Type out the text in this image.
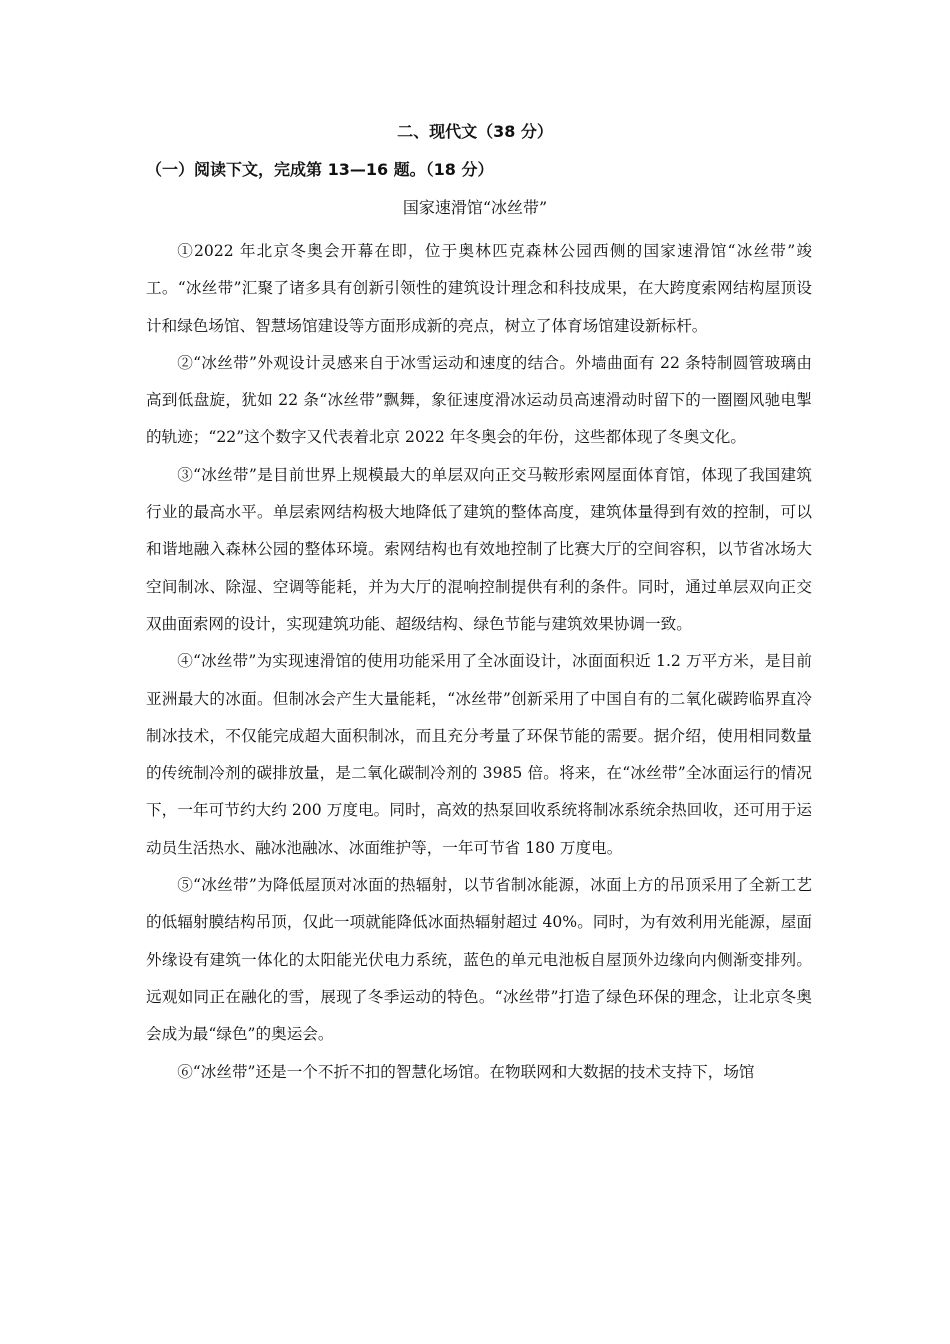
二、现代文（38 分）
（一）阅读下文，完成第 13—16 题。（18 分）
国家速滑馆“冰丝带”

①2022 年北京冬奥会开幕在即，位于奥林匹克森林公园西侧的国家速滑馆“冰丝带”竣工。“冰丝带”汇聚了诸多具有创新引领性的建筑设计理念和科技成果，在大跨度索网结构屋顶设计和绿色场馆、智慧场馆建设等方面形成新的亮点，树立了体育场馆建设新标杆。

②“冰丝带”外观设计灵感来自于冰雪运动和速度的结合。外墙曲面有 22 条特制圆管玻璃由高到低盘旋，犹如 22 条“冰丝带”飘舞，象征速度滑冰运动员高速滑动时留下的一圈圈风驰电掣的轨迹；“22”这个数字又代表着北京 2022 年冬奥会的年份，这些都体现了冬奥文化。

③“冰丝带”是目前世界上规模最大的单层双向正交马鞍形索网屋面体育馆，体现了我国建筑行业的最高水平。单层索网结构极大地降低了建筑的整体高度，建筑体量得到有效的控制，可以和谐地融入森林公园的整体环境。索网结构也有效地控制了比赛大厅的空间容积，以节省冰场大空间制冰、除湿、空调等能耗，并为大厅的混响控制提供有利的条件。同时，通过单层双向正交双曲面索网的设计，实现建筑功能、超级结构、绿色节能与建筑效果协调一致。

④“冰丝带”为实现速滑馆的使用功能采用了全冰面设计，冰面面积近 1.2 万平方米，是目前亚洲最大的冰面。但制冰会产生大量能耗，“冰丝带”创新采用了中国自有的二氧化碳跨临界直冷制冰技术，不仅能完成超大面积制冰，而且充分考量了环保节能的需要。据介绍，使用相同数量的传统制冷剂的碳排放量，是二氧化碳制冷剂的 3985 倍。将来，在“冰丝带”全冰面运行的情况下，一年可节约大约 200 万度电。同时，高效的热泵回收系统将制冰系统余热回收，还可用于运动员生活热水、融冰池融冰、冰面维护等，一年可节省 180 万度电。

⑤“冰丝带”为降低屋顶对冰面的热辐射，以节省制冰能源，冰面上方的吊顶采用了全新工艺的低辐射膜结构吊顶，仅此一项就能降低冰面热辐射超过 40%。同时，为有效利用光能源，屋面外缘设有建筑一体化的太阳能光伏电力系统，蓝色的单元电池板自屋顶外边缘向内侧渐变排列。远观如同正在融化的雪，展现了冬季运动的特色。“冰丝带”打造了绿色环保的理念，让北京冬奥会成为最“绿色”的奥运会。

⑥“冰丝带”还是一个不折不扣的智慧化场馆。在物联网和大数据的技术支持下，场馆
